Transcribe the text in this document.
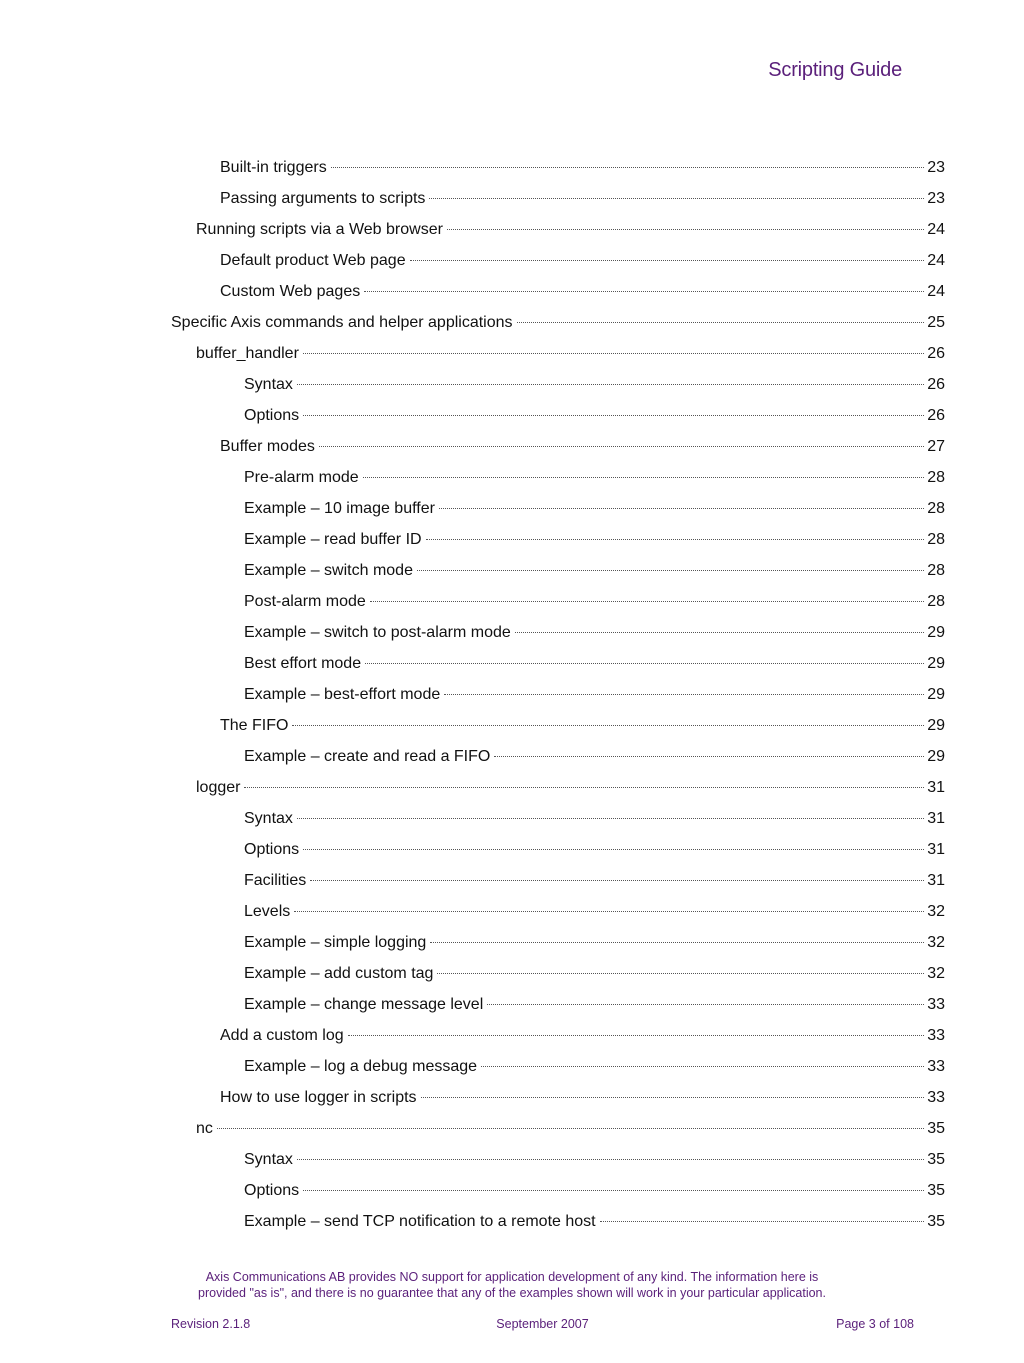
Scripting Guide
Built-in triggers	23
Passing arguments to scripts	23
Running scripts via a Web browser	24
Default product Web page	24
Custom Web pages	24
Specific Axis commands and helper applications	25
buffer_handler	26
Syntax	26
Options	26
Buffer modes	27
Pre-alarm mode	28
Example – 10 image buffer	28
Example – read buffer ID	28
Example – switch mode	28
Post-alarm mode	28
Example – switch to post-alarm mode	29
Best effort mode	29
Example – best-effort mode	29
The FIFO	29
Example – create and read a FIFO	29
logger	31
Syntax	31
Options	31
Facilities	31
Levels	32
Example – simple logging	32
Example – add custom tag	32
Example – change message level	33
Add a custom log	33
Example – log a debug message	33
How to use logger in scripts	33
nc	35
Syntax	35
Options	35
Example – send TCP notification to a remote host	35
Axis Communications AB provides NO support for application development of any kind. The information here is
provided "as is", and there is no guarantee that any of the examples shown will work in your particular application.
Revision 2.1.8	September 2007	Page 3 of 108
